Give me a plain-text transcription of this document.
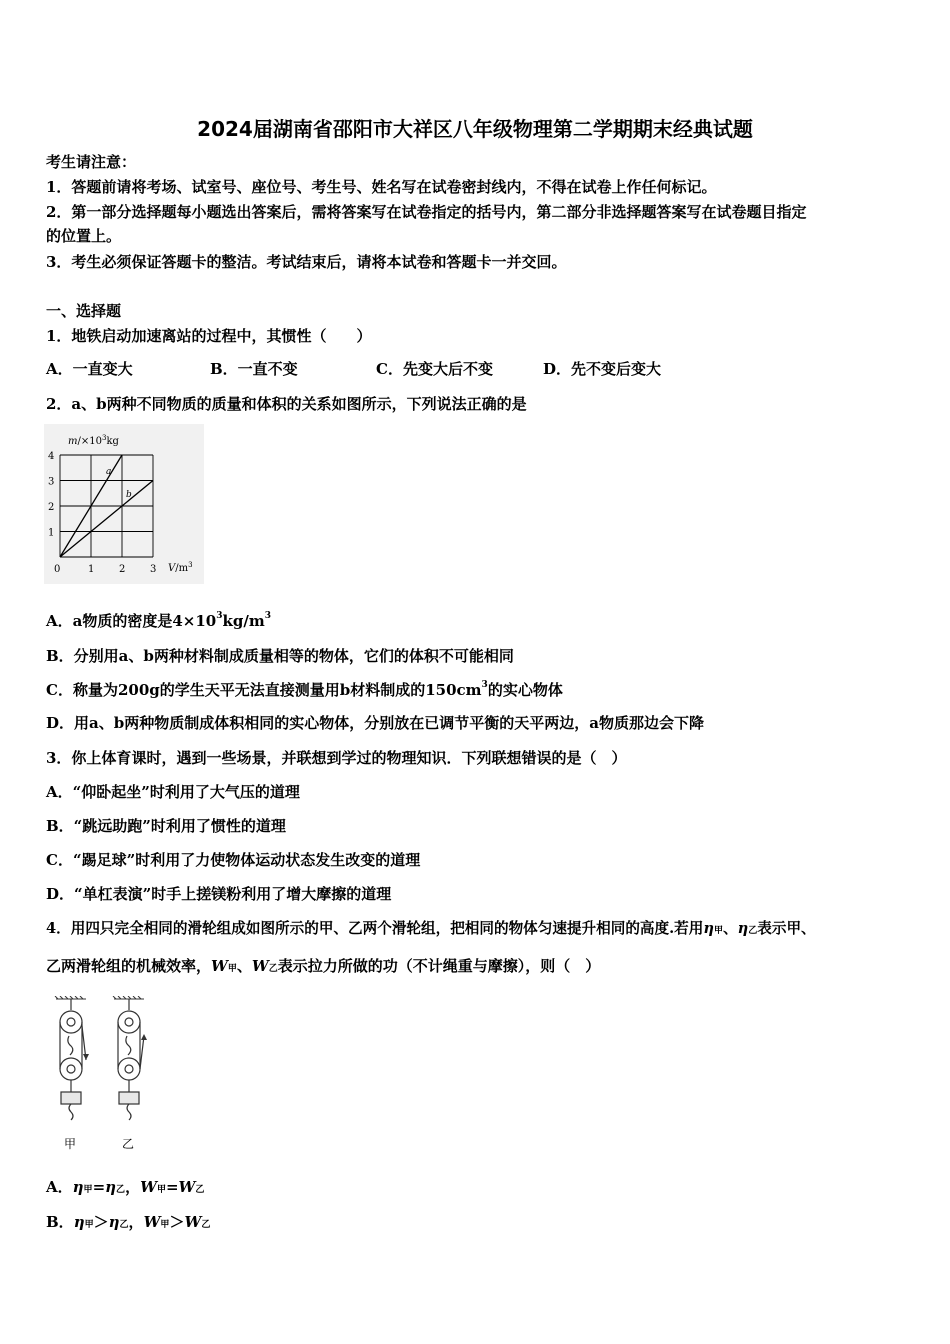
2024届湖南省邵阳市大祥区八年级物理第二学期期末经典试题
考生请注意：
1．答题前请将考场、试室号、座位号、考生号、姓名写在试卷密封线内，不得在试卷上作任何标记。
2．第一部分选择题每小题选出答案后，需将答案写在试卷指定的括号内，第二部分非选择题答案写在试卷题目指定
的位置上。
3．考生必须保证答题卡的整洁。考试结束后，请将本试卷和答题卡一并交回。
一、选择题
1．地铁启动加速离站的过程中，其惯性（　　）
A．一直变大	B．一直不变	C．先变大后不变	D．先不变后变大
2．a、b两种不同物质的质量和体积的关系如图所示，下列说法正确的是
4
3
2
1
0	1 2 3
$m/\times 10^3kg$
$V/m^3$
a
b
A．a物质的密度是$4\times 10^3kg/m^3$
B．分别用a、b两种材料制成质量相等的物体，它们的体积不可能相同
C．称量为200g的学生天平无法直接测量用b材料制成的$150cm^3$的实心物体
D．用a、b两种物质制成体积相同的实心物体，分别放在已调节平衡的天平两边，a物质那边会下降
3．你上体育课时，遇到一些场景，并联想到学过的物理知识．下列联想错误的是（　）
A．“仰卧起坐”时利用了大气压的道理
B．“跳远助跑”时利用了惯性的道理
C．“踢足球”时利用了力使物体运动状态发生改变的道理
D．“单杠表演”时手上搓镁粉利用了增大摩擦的道理
4．用四只完全相同的滑轮组成如图所示的甲、乙两个滑轮组，把相同的物体匀速提升相同的高度.若用η甲、η乙表示甲、
乙两滑轮组的机械效率，W甲、W乙表示拉力所做的功（不计绳重与摩擦），则（　）
甲	乙
A．η甲=η乙，W甲=W乙
B．η甲＞η乙，W甲＞W乙
